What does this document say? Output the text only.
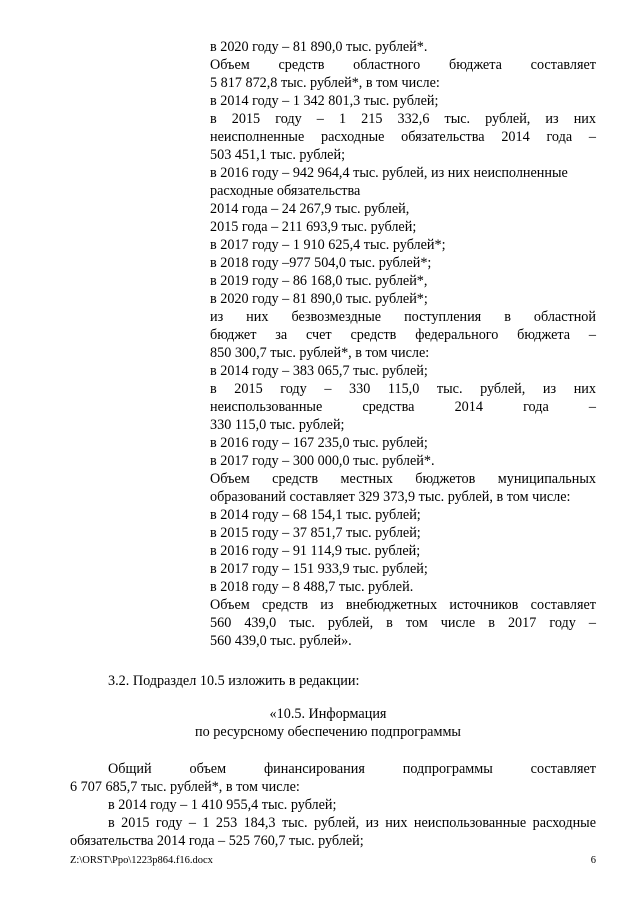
в 2020 году – 81 890,0 тыс. рублей*.
Объем средств областного бюджета составляет
5 817 872,8 тыс. рублей*, в том числе:
в 2014 году – 1 342 801,3 тыс. рублей;
в 2015 году – 1 215 332,6 тыс. рублей, из них
неисполненные расходные обязательства 2014 года –
503 451,1 тыс. рублей;
в 2016 году – 942 964,4 тыс. рублей, из них неисполненные
расходные обязательства
2014 года – 24 267,9 тыс. рублей,
2015 года – 211 693,9 тыс. рублей;
в 2017 году – 1 910 625,4 тыс. рублей*;
в 2018 году –977 504,0 тыс. рублей*;
в 2019 году – 86 168,0 тыс. рублей*,
в 2020 году – 81 890,0 тыс. рублей*;
из них безвозмездные поступления в областной
бюджет за счет средств федерального бюджета –
850 300,7 тыс. рублей*, в том числе:
в 2014 году – 383 065,7 тыс. рублей;
в 2015 году – 330 115,0 тыс. рублей, из них
неиспользованные средства 2014 года –
330 115,0 тыс. рублей;
в 2016 году – 167 235,0 тыс. рублей;
в 2017 году – 300 000,0 тыс. рублей*.
Объем средств местных бюджетов муниципальных
образований составляет 329 373,9 тыс. рублей, в том числе:
в 2014 году – 68 154,1 тыс. рублей;
в 2015 году – 37 851,7 тыс. рублей;
в 2016 году – 91 114,9 тыс. рублей;
в 2017 году – 151 933,9 тыс. рублей;
в 2018 году – 8 488,7 тыс. рублей.
Объем средств из внебюджетных источников составляет
560 439,0 тыс. рублей, в том числе в 2017 году –
560 439,0 тыс. рублей».
3.2. Подраздел 10.5 изложить в редакции:
«10.5. Информация
по ресурсному обеспечению подпрограммы
Общий объем финансирования подпрограммы составляет
6 707 685,7 тыс. рублей*, в том числе:
в 2014 году – 1 410 955,4 тыс. рублей;
в 2015 году – 1 253 184,3 тыс. рублей, из них неиспользованные расходные
обязательства 2014 года – 525 760,7 тыс. рублей;
Z:\ORST\Ppo\1223p864.f16.docx	6
